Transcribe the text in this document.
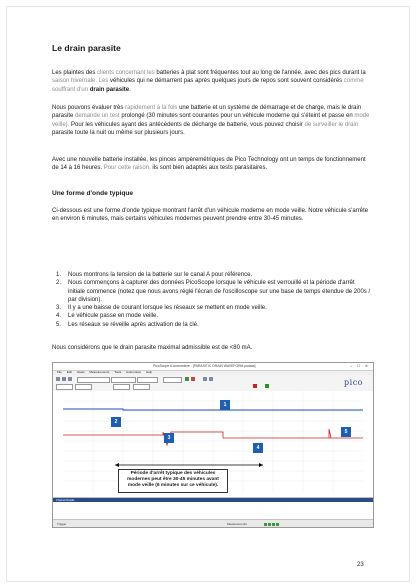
Le drain parasite

Les plaintes des clients concernant les batteries à plat sont fréquentes tout au long de l'année, avec des pics durant la saison hivernale. Les véhicules qui ne démarrent pas après quelques jours de repos sont souvent considérés comme souffrant d'un drain parasite.

Nous pouvons évaluer très rapidement à la fois une batterie et un système de démarrage et de charge, mais le drain parasite demande un test prolongé (30 minutes sont courantes pour un véhicule moderne qui s'éteint et passe en mode veille). Pour les véhicules ayant des antécédents de décharge de batterie, vous pouvez choisir de surveiller le drain parasite toute la nuit ou même sur plusieurs jours.

Avec une nouvelle batterie installée, les pinces ampèremétriques de Pico Technology ont un temps de fonctionnement de 14 à 16 heures. Pour cette raison, ils sont bien adaptés aux tests parasitaires.

Une forme d'onde typique

Ci-dessous est une forme d'onde typique montrant l'arrêt d'un véhicule moderne en mode veille. Notre véhicule s'arrête en environ 6 minutes, mais certains véhicules modernes peuvent prendre entre 30-45 minutes.

1. Nous montrons la tension de la batterie sur le canal A pour référence.
2. Nous commençons à capturer des données PicoScope lorsque le véhicule est verrouillé et la période d'arrêt initiale commence (notez que nous avons réglé l'écran de l'oscilloscope sur une base de temps étendue de 200s / par division).
3. Il y a une baisse de courant lorsque les réseaux se mettent en mode veille.
4. Le véhicule passe en mode veille.
5. Les réseaux se réveille après activation de la clé.

Nous considérons que le drain parasite maximal admissible est de <80 mA.

PicoScope 6 Automotive - [PARASITIC DRAIN WAVEFORM.psdata]	– ☐ ✕
File Edit Views Measurements Tools Automotive Help
pico
1
2
3
4
5
Période d'arrêt typique des véhicules
modernes peut être 30-45 minutes avant
mode veille (6 minutes sur ce véhicule).
Channel Details
Trigger	Measurements
23
